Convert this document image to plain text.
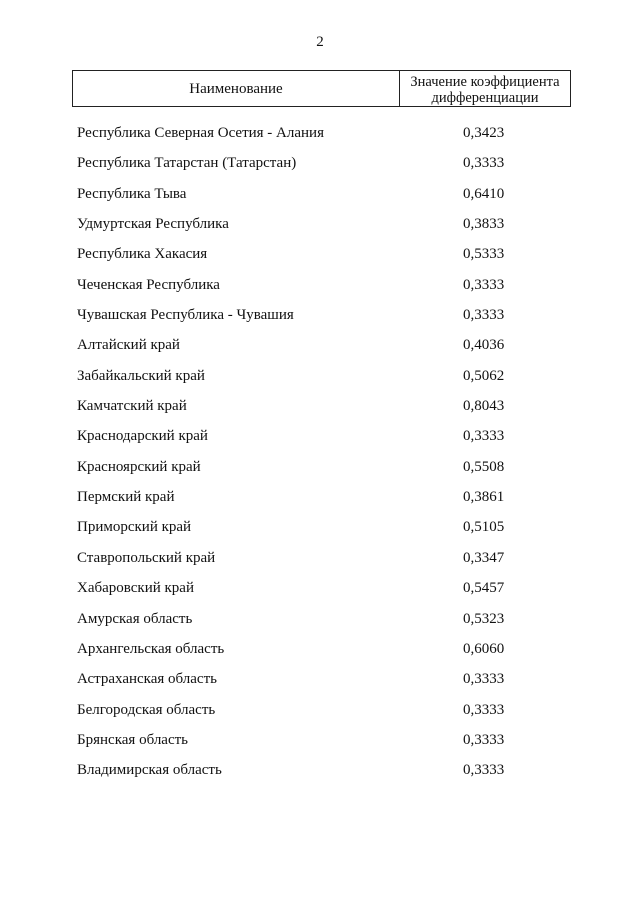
2
Наименование	Значение коэффициента
дифференциации
Республика Северная Осетия - Алания	0,3423
Республика Татарстан (Татарстан)	0,3333
Республика Тыва	0,6410
Удмуртская Республика	0,3833
Республика Хакасия	0,5333
Чеченская Республика	0,3333
Чувашская Республика - Чувашия	0,3333
Алтайский край	0,4036
Забайкальский край	0,5062
Камчатский край	0,8043
Краснодарский край	0,3333
Красноярский край	0,5508
Пермский край	0,3861
Приморский край	0,5105
Ставропольский край	0,3347
Хабаровский край	0,5457
Амурская область	0,5323
Архангельская область	0,6060
Астраханская область	0,3333
Белгородская область	0,3333
Брянская область	0,3333
Владимирская область	0,3333
